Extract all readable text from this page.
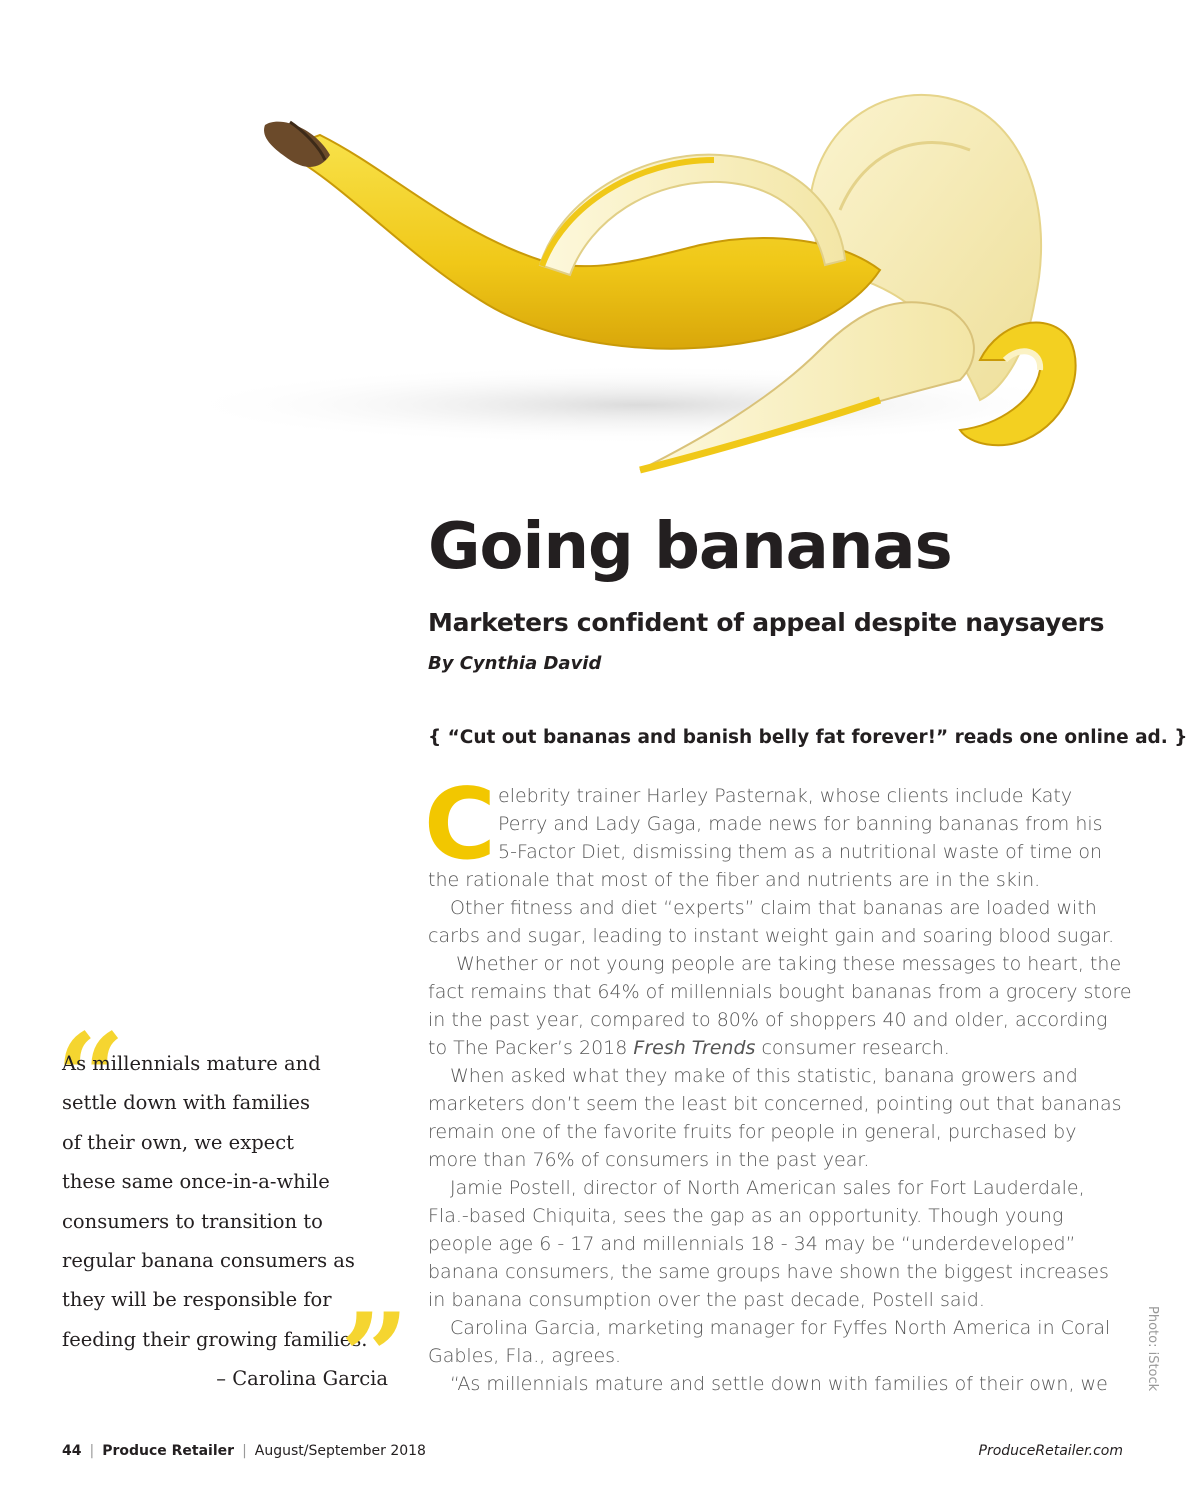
Going bananas
Marketers confident of appeal despite naysayers
By Cynthia David
{ “Cut out bananas and banish belly fat forever!” reads one online ad. }
C elebrity trainer Harley Pasternak, whose clients include Katy
Perry and Lady Gaga, made news for banning bananas from his
5-Factor Diet, dismissing them as a nutritional waste of time on
the rationale that most of the fiber and nutrients are in the skin.
Other fitness and diet “experts” claim that bananas are loaded with
carbs and sugar, leading to instant weight gain and soaring blood sugar.
Whether or not young people are taking these messages to heart, the
fact remains that 64% of millennials bought bananas from a grocery store
in the past year, compared to 80% of shoppers 40 and older, according
to The Packer’s 2018 Fresh Trends consumer research.
When asked what they make of this statistic, banana growers and
marketers don’t seem the least bit concerned, pointing out that bananas
remain one of the favorite fruits for people in general, purchased by
more than 76% of consumers in the past year.
Jamie Postell, director of North American sales for Fort Lauderdale,
Fla.-based Chiquita, sees the gap as an opportunity. Though young
people age 6 - 17 and millennials 18 - 34 may be “underdeveloped”
banana consumers, the same groups have shown the biggest increases
in banana consumption over the past decade, Postell said.
Carolina Garcia, marketing manager for Fyffes North America in Coral
Gables, Fla., agrees.
“As millennials mature and settle down with families of their own, we
“
As millennials mature and
settle down with families
of their own, we expect
these same once-in-a-while
consumers to transition to
regular banana consumers as
they will be responsible for
feeding their growing families.
– Carolina Garcia
”	Photo: iStock
44 | Produce Retailer | August/September 2018	ProduceRetailer.com
